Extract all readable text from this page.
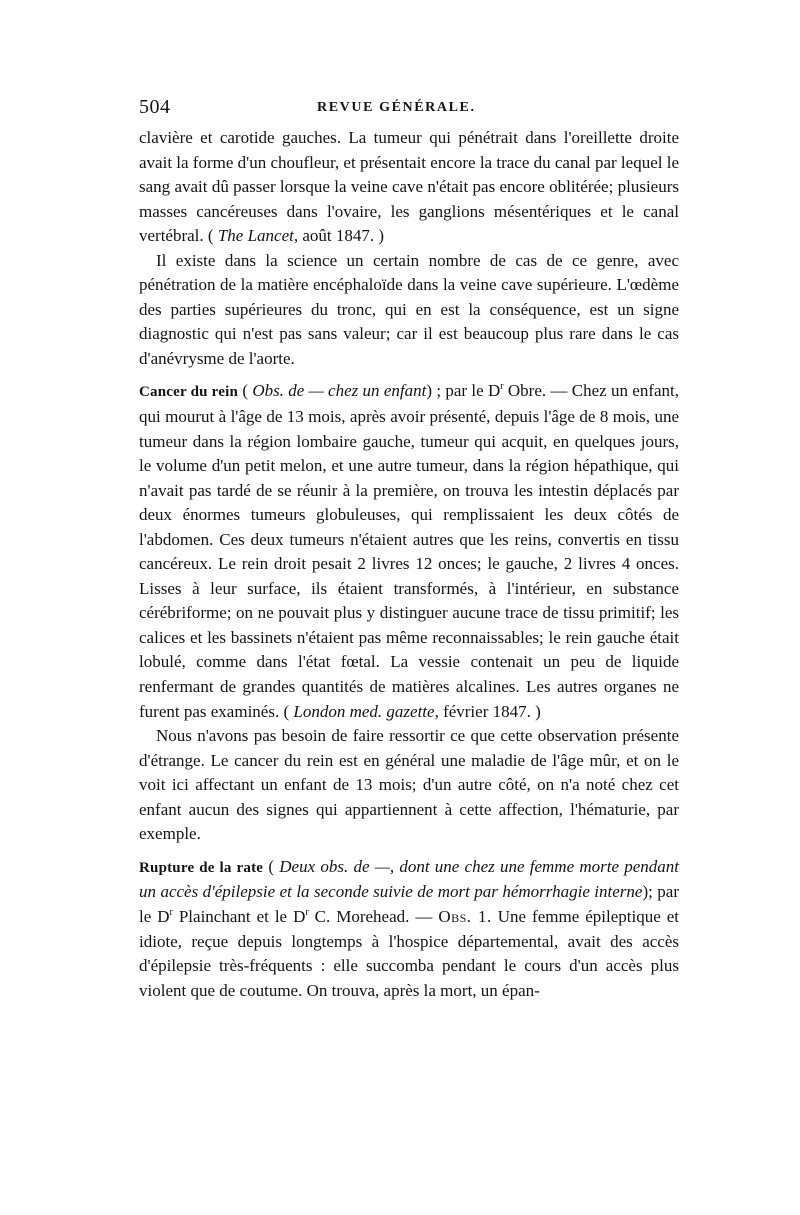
504	REVUE GÉNÉRALE.

clavière et carotide gauches. La tumeur qui pénétrait dans l'oreillette droite avait la forme d'un choufleur, et présentait encore la trace du canal par lequel le sang avait dû passer lorsque la veine cave n'était pas encore oblitérée; plusieurs masses cancéreuses dans l'ovaire, les ganglions mésentériques et le canal vertébral. ( The Lancet, août 1847. )

Il existe dans la science un certain nombre de cas de ce genre, avec pénétration de la matière encéphaloïde dans la veine cave supérieure. L'œdème des parties supérieures du tronc, qui en est la conséquence, est un signe diagnostic qui n'est pas sans valeur; car il est beaucoup plus rare dans le cas d'anévrysme de l'aorte.

Cancer du rein ( Obs. de — chez un enfant) ; par le $D^r$ Obre. — Chez un enfant, qui mourut à l'âge de 13 mois, après avoir présenté, depuis l'âge de 8 mois, une tumeur dans la région lombaire gauche, tumeur qui acquit, en quelques jours, le volume d'un petit melon, et une autre tumeur, dans la région hépathique, qui n'avait pas tardé de se réunir à la première, on trouva les intestin déplacés par deux énormes tumeurs globuleuses, qui remplissaient les deux côtés de l'abdomen. Ces deux tumeurs n'étaient autres que les reins, convertis en tissu cancéreux. Le rein droit pesait 2 livres 12 onces; le gauche, 2 livres 4 onces. Lisses à leur surface, ils étaient transformés, à l'intérieur, en substance cérébriforme; on ne pouvait plus y distinguer aucune trace de tissu primitif; les calices et les bassinets n'étaient pas même reconnaissables; le rein gauche était lobulé, comme dans l'état fœtal. La vessie contenait un peu de liquide renfermant de grandes quantités de matières alcalines. Les autres organes ne furent pas examinés. ( London med. gazette, février 1847. )

Nous n'avons pas besoin de faire ressortir ce que cette observation présente d'étrange. Le cancer du rein est en général une maladie de l'âge mûr, et on le voit ici affectant un enfant de 13 mois; d'un autre côté, on n'a noté chez cet enfant aucun des signes qui appartiennent à cette affection, l'hématurie, par exemple.

Rupture de la rate ( Deux obs. de —, dont une chez une femme morte pendant un accès d'épilepsie et la seconde suivie de mort par hémorrhagie interne); par le $D^r$ Plainchant et le $D^r$ C. Morehead. — Obs. 1. Une femme épileptique et idiote, reçue depuis longtemps à l'hospice départemental, avait des accès d'épilepsie très-fréquents : elle succomba pendant le cours d'un accès plus violent que de coutume. On trouva, après la mort, un épan-
